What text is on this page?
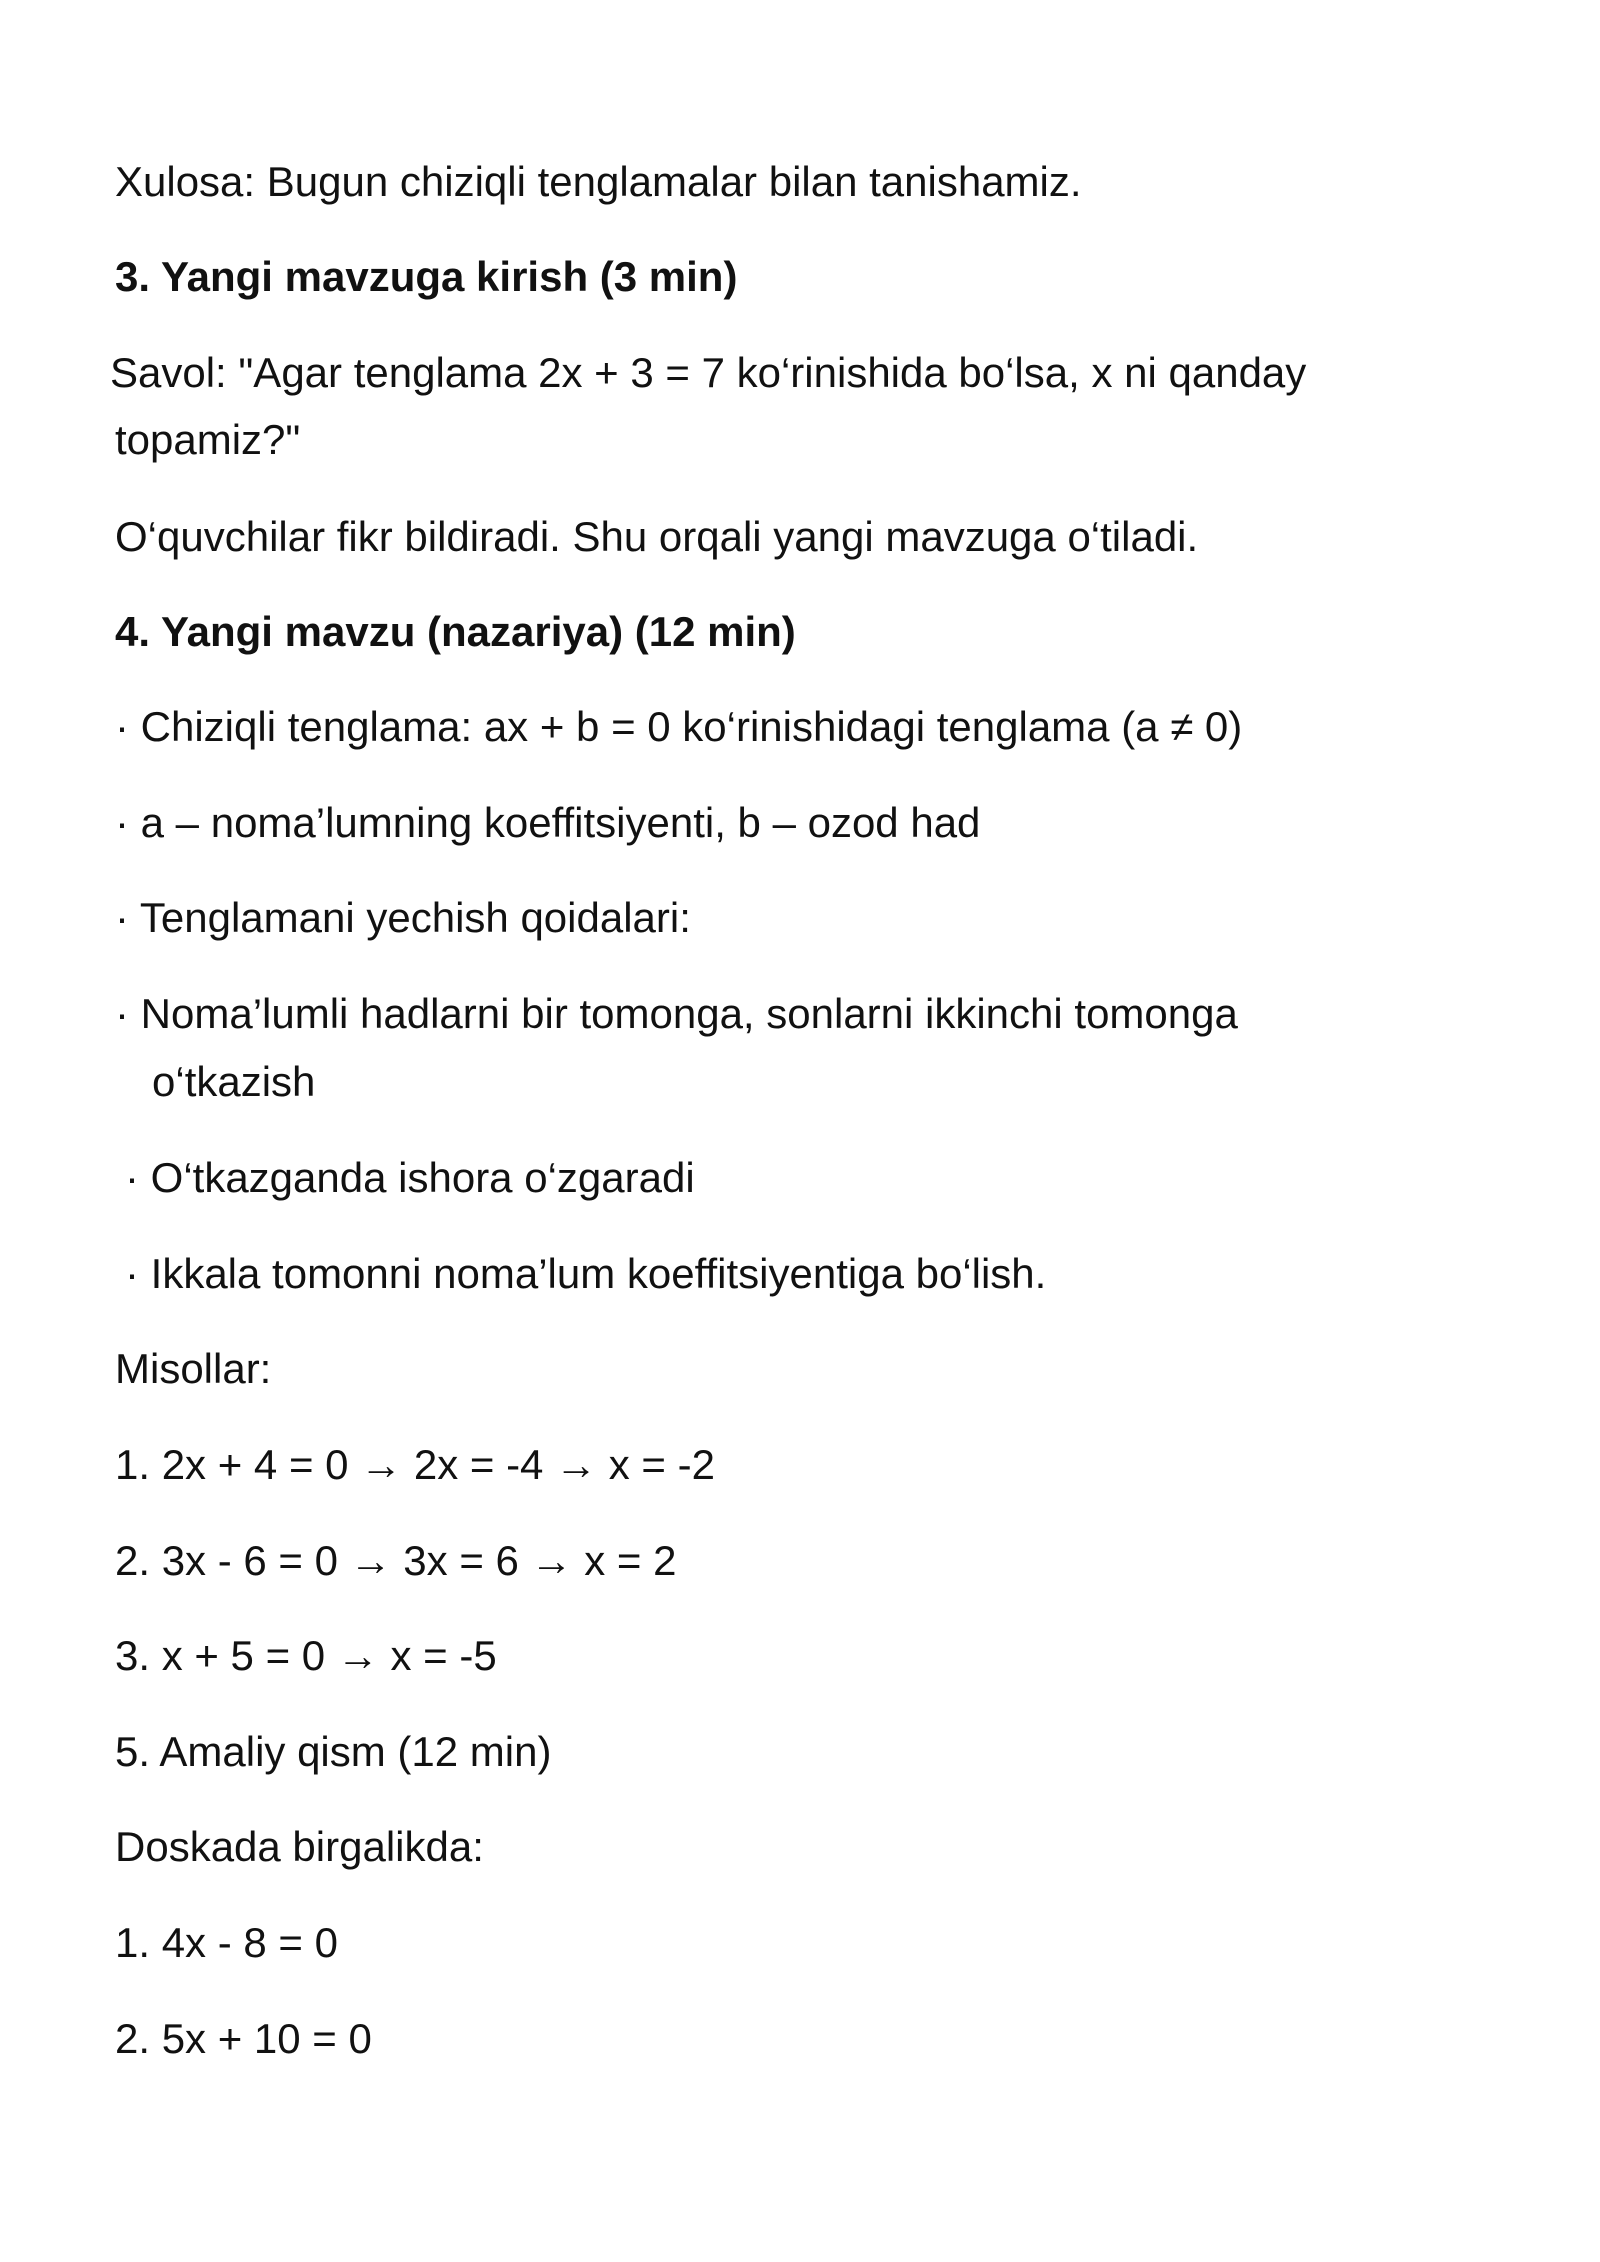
Xulosa: Bugun chiziqli tenglamalar bilan tanishamiz.
3. Yangi mavzuga kirish (3 min)
Savol: "Agar tenglama 2x + 3 = 7 ko‘rinishida bo‘lsa, x ni qanday
topamiz?"
O‘quvchilar fikr bildiradi. Shu orqali yangi mavzuga o‘tiladi.
4. Yangi mavzu (nazariya) (12 min)
· Chiziqli tenglama: ax + b = 0 ko‘rinishidagi tenglama (a ≠ 0)
· a – noma’lumning koeffitsiyenti, b – ozod had
· Tenglamani yechish qoidalari:
· Noma’lumli hadlarni bir tomonga, sonlarni ikkinchi tomonga
o‘tkazish
· O‘tkazganda ishora o‘zgaradi
· Ikkala tomonni noma’lum koeffitsiyentiga bo‘lish.
Misollar:
1. 2x + 4 = 0 → 2x = -4 → x = -2
2. 3x - 6 = 0 → 3x = 6 → x = 2
3. x + 5 = 0 → x = -5
5. Amaliy qism (12 min)
Doskada birgalikda:
1. 4x - 8 = 0
2. 5x + 10 = 0
